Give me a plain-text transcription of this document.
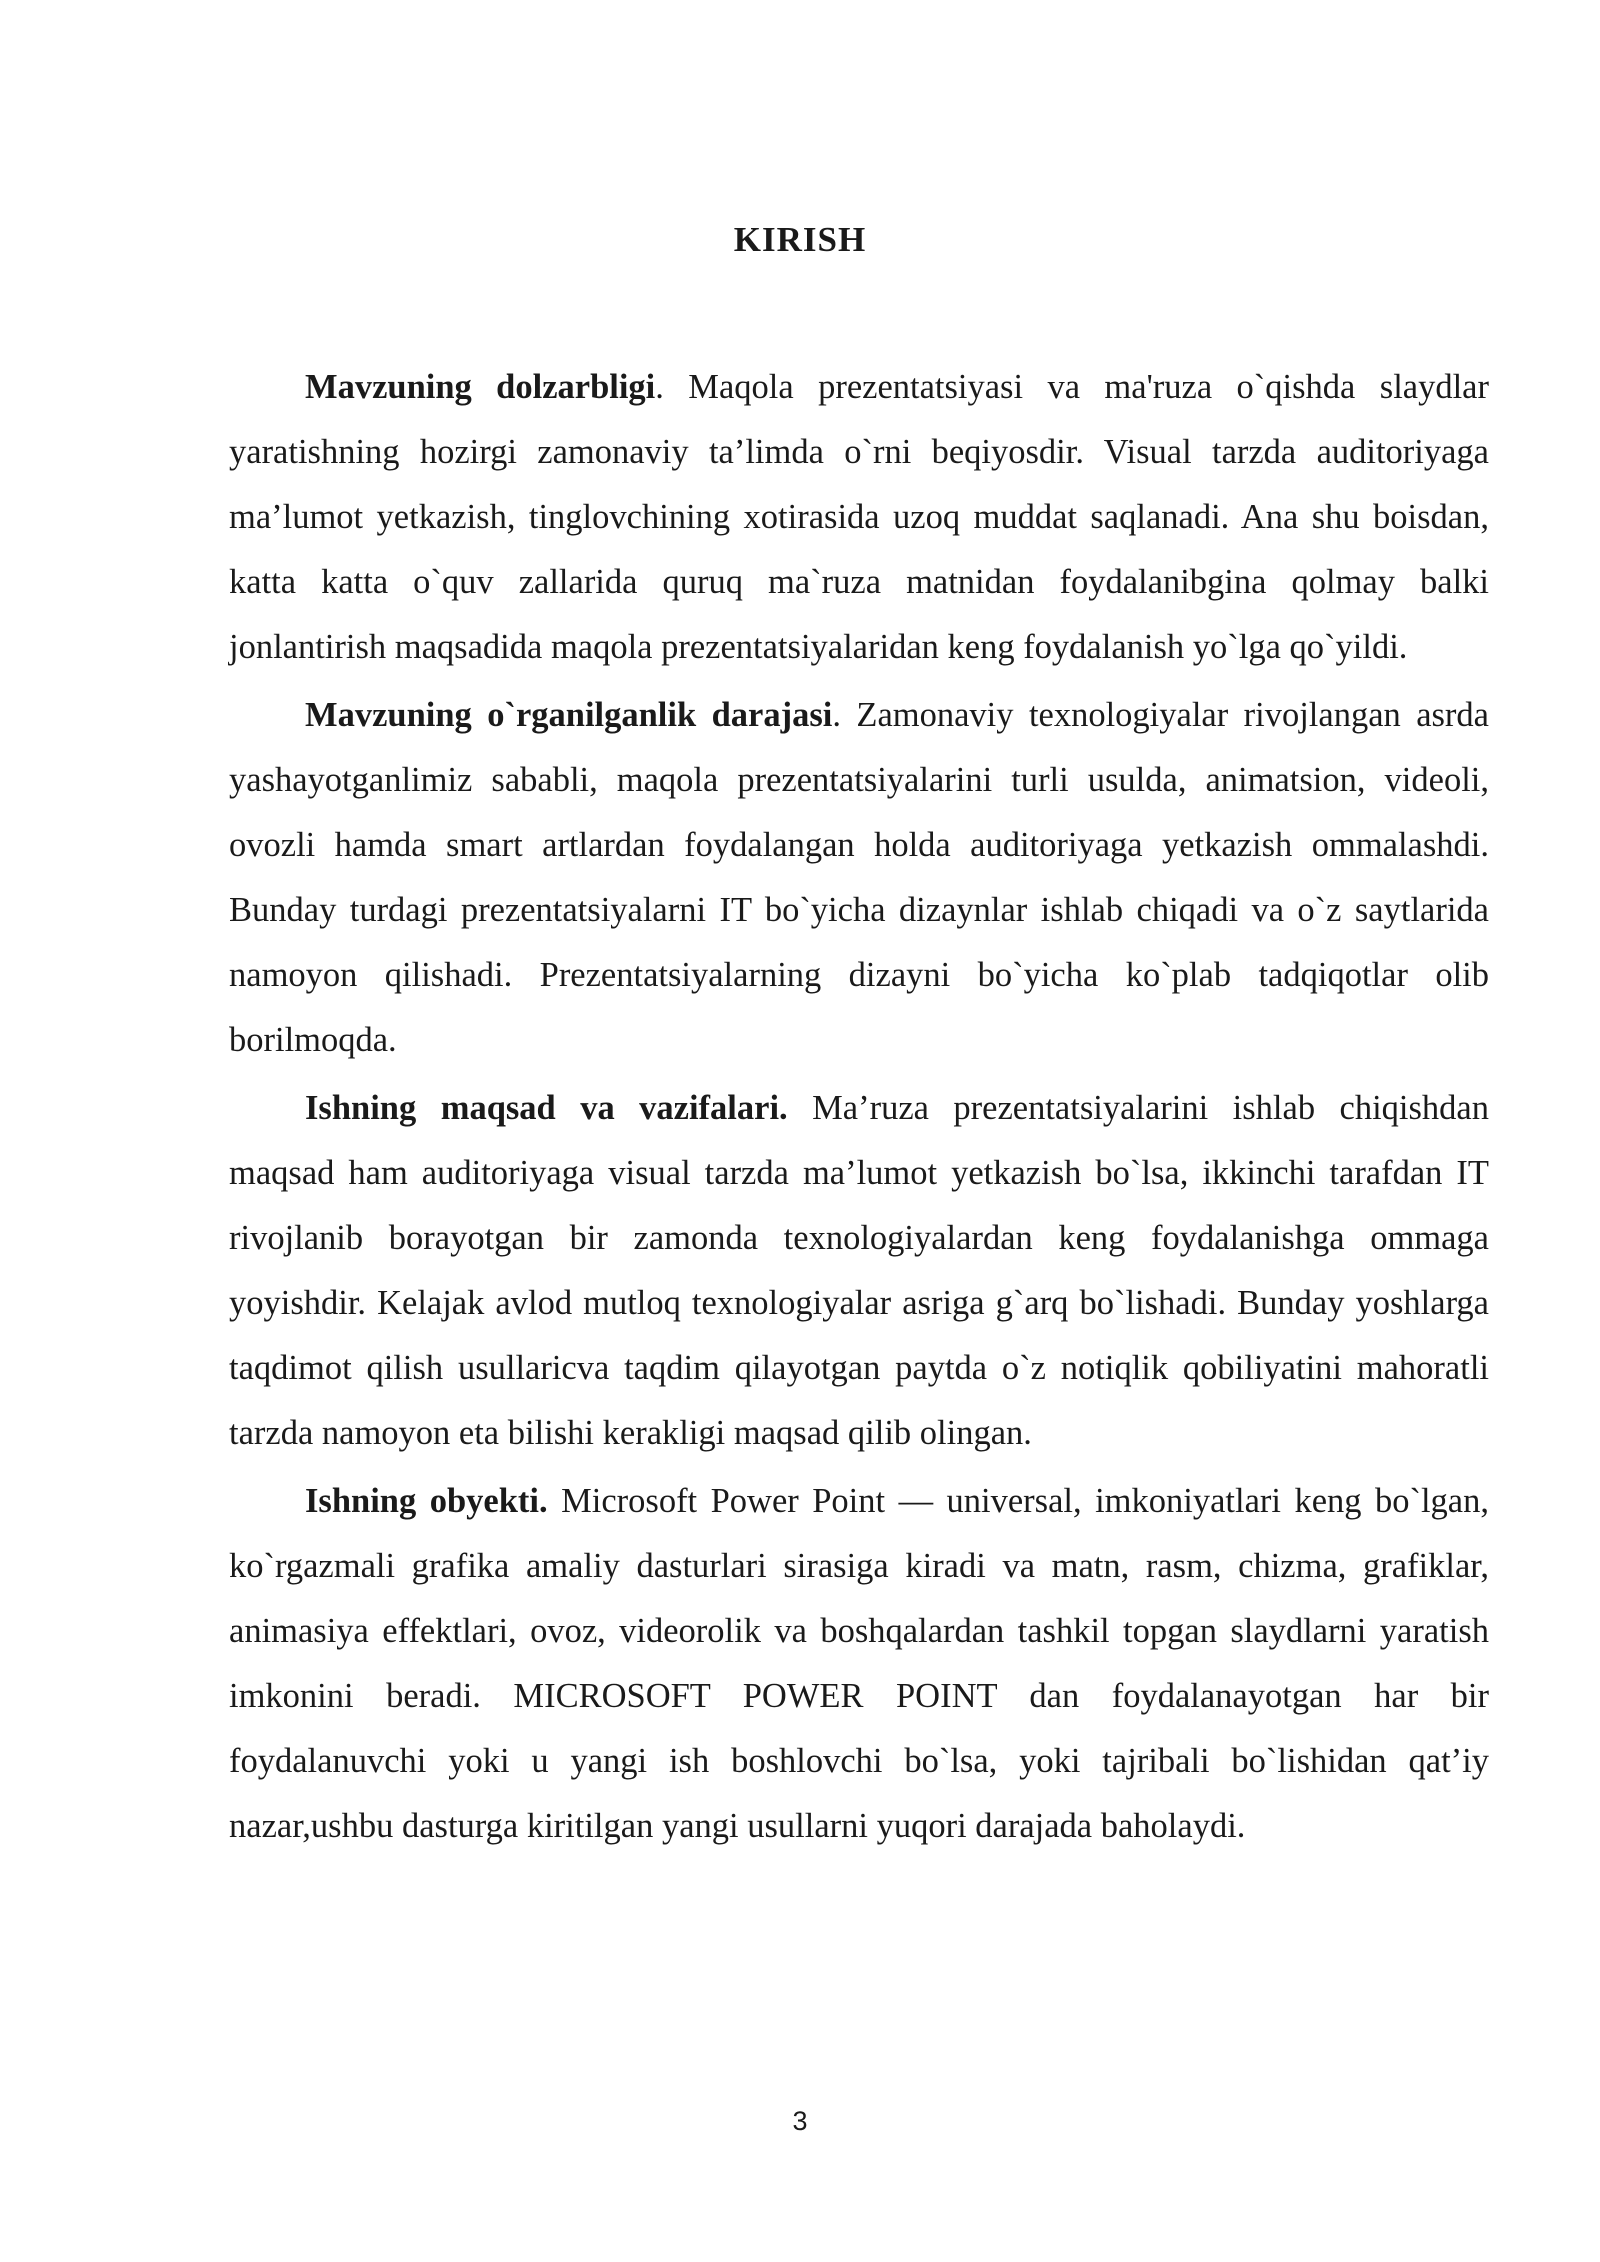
KIRISH

Mavzuning dolzarbligi. Maqola prezentatsiyasi va ma'ruza o`qishda slaydlar yaratishning hozirgi zamonaviy ta’limda o`rni beqiyosdir. Visual tarzda auditoriyaga ma’lumot yetkazish, tinglovchining xotirasida uzoq muddat saqlanadi. Ana shu boisdan, katta katta o`quv zallarida quruq ma`ruza matnidan foydalanibgina qolmay balki jonlantirish maqsadida maqola prezentatsiyalaridan keng foydalanish yo`lga qo`yildi.

Mavzuning o`rganilganlik darajasi. Zamonaviy texnologiyalar rivojlangan asrda yashayotganlimiz sababli, maqola prezentatsiyalarini turli usulda, animatsion, videoli, ovozli hamda smart artlardan foydalangan holda auditoriyaga yetkazish ommalashdi. Bunday turdagi prezentatsiyalarni IT bo`yicha dizaynlar ishlab chiqadi va o`z saytlarida namoyon qilishadi. Prezentatsiyalarning dizayni bo`yicha ko`plab tadqiqotlar olib borilmoqda.

Ishning maqsad va vazifalari. Ma’ruza prezentatsiyalarini ishlab chiqishdan maqsad ham auditoriyaga visual tarzda ma’lumot yetkazish bo`lsa, ikkinchi tarafdan IT rivojlanib borayotgan bir zamonda texnologiyalardan keng foydalanishga ommaga yoyishdir. Kelajak avlod mutloq texnologiyalar asriga g`arq bo`lishadi. Bunday yoshlarga taqdimot qilish usullaricva taqdim qilayotgan paytda o`z notiqlik qobiliyatini mahoratli tarzda namoyon eta bilishi kerakligi maqsad qilib olingan.

Ishning obyekti. Microsoft Power Point — universal, imkoniyatlari keng bo`lgan, ko`rgazmali grafika amaliy dasturlari sirasiga kiradi va matn, rasm, chizma, grafiklar, animasiya effektlari, ovoz, videorolik va boshqalardan tashkil topgan slaydlarni yaratish imkonini beradi. MICROSOFT POWER POINT dan foydalanayotgan har bir foydalanuvchi yoki u yangi ish boshlovchi bo`lsa, yoki tajribali bo`lishidan qat’iy nazar,ushbu dasturga kiritilgan yangi usullarni yuqori darajada baholaydi.

3
